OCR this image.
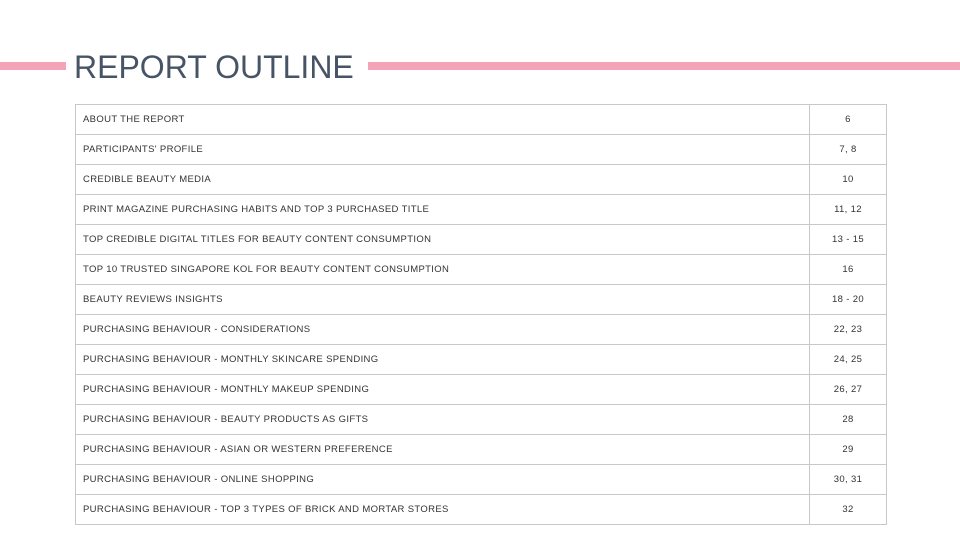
REPORT OUTLINE
ABOUT THE REPORT	6
PARTICIPANTS' PROFILE	7, 8
CREDIBLE BEAUTY MEDIA	10
PRINT MAGAZINE PURCHASING HABITS AND TOP 3 PURCHASED TITLE	11, 12
TOP CREDIBLE DIGITAL TITLES FOR BEAUTY CONTENT CONSUMPTION	13 - 15
TOP 10 TRUSTED SINGAPORE KOL FOR BEAUTY CONTENT CONSUMPTION	16
BEAUTY REVIEWS INSIGHTS	18 - 20
PURCHASING BEHAVIOUR - CONSIDERATIONS	22, 23
PURCHASING BEHAVIOUR - MONTHLY SKINCARE SPENDING	24, 25
PURCHASING BEHAVIOUR - MONTHLY MAKEUP SPENDING	26, 27
PURCHASING BEHAVIOUR - BEAUTY PRODUCTS AS GIFTS	28
PURCHASING BEHAVIOUR - ASIAN OR WESTERN PREFERENCE	29
PURCHASING BEHAVIOUR - ONLINE SHOPPING	30, 31
PURCHASING BEHAVIOUR - TOP 3 TYPES OF BRICK AND MORTAR STORES	32
